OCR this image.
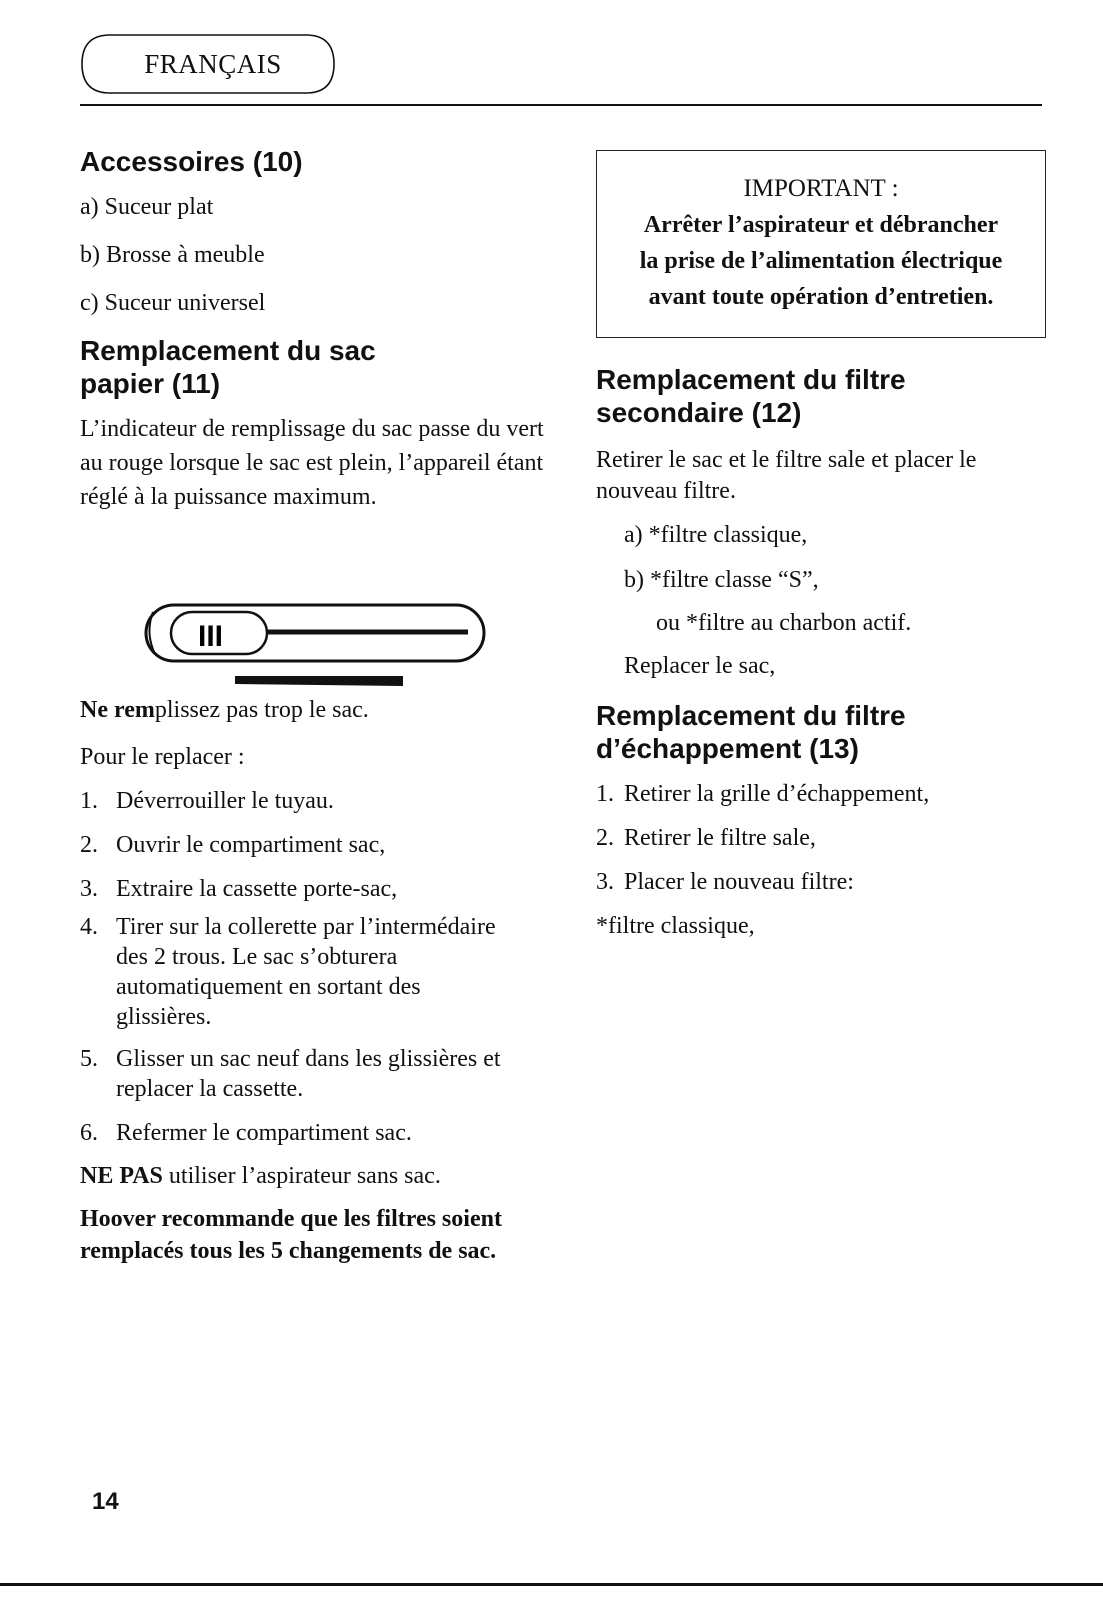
FRANÇAIS
Accessoires (10)

a) Suceur plat

b) Brosse à meuble

c) Suceur universel

Remplacement du sac papier (11)

L’indicateur de remplissage du sac passe du vert au rouge lorsque le sac est plein, l’appareil étant réglé à la puissance maximum.

Ne remplissez pas trop le sac.

Pour le replacer :

1. Déverrouiller le tuyau.
2. Ouvrir le compartiment sac,
3. Extraire la cassette porte-sac,
4. Tirer sur la collerette par l’intermédaire des 2 trous. Le sac s’obturera automatiquement en sortant des glissières.
5. Glisser un sac neuf dans les glissières et replacer la cassette.
6. Refermer le compartiment sac.

NE PAS utiliser l’aspirateur sans sac.

Hoover recommande que les filtres soient remplacés tous les 5 changements de sac.

III
IMPORTANT :
Arrêter l’aspirateur et débrancher
la prise de l’alimentation électrique
avant toute opération d’entretien.
Remplacement du filtre secondaire (12)

Retirer le sac et le filtre sale et placer le nouveau filtre.

a) *filtre classique,

b) *filtre classe “S”,

ou *filtre au charbon actif.

Replacer le sac,

Remplacement du filtre d’échappement (13)
1. Retirer la grille d’échappement,
2. Retirer le filtre sale,
3. Placer le nouveau filtre:

*filtre classique,

14
